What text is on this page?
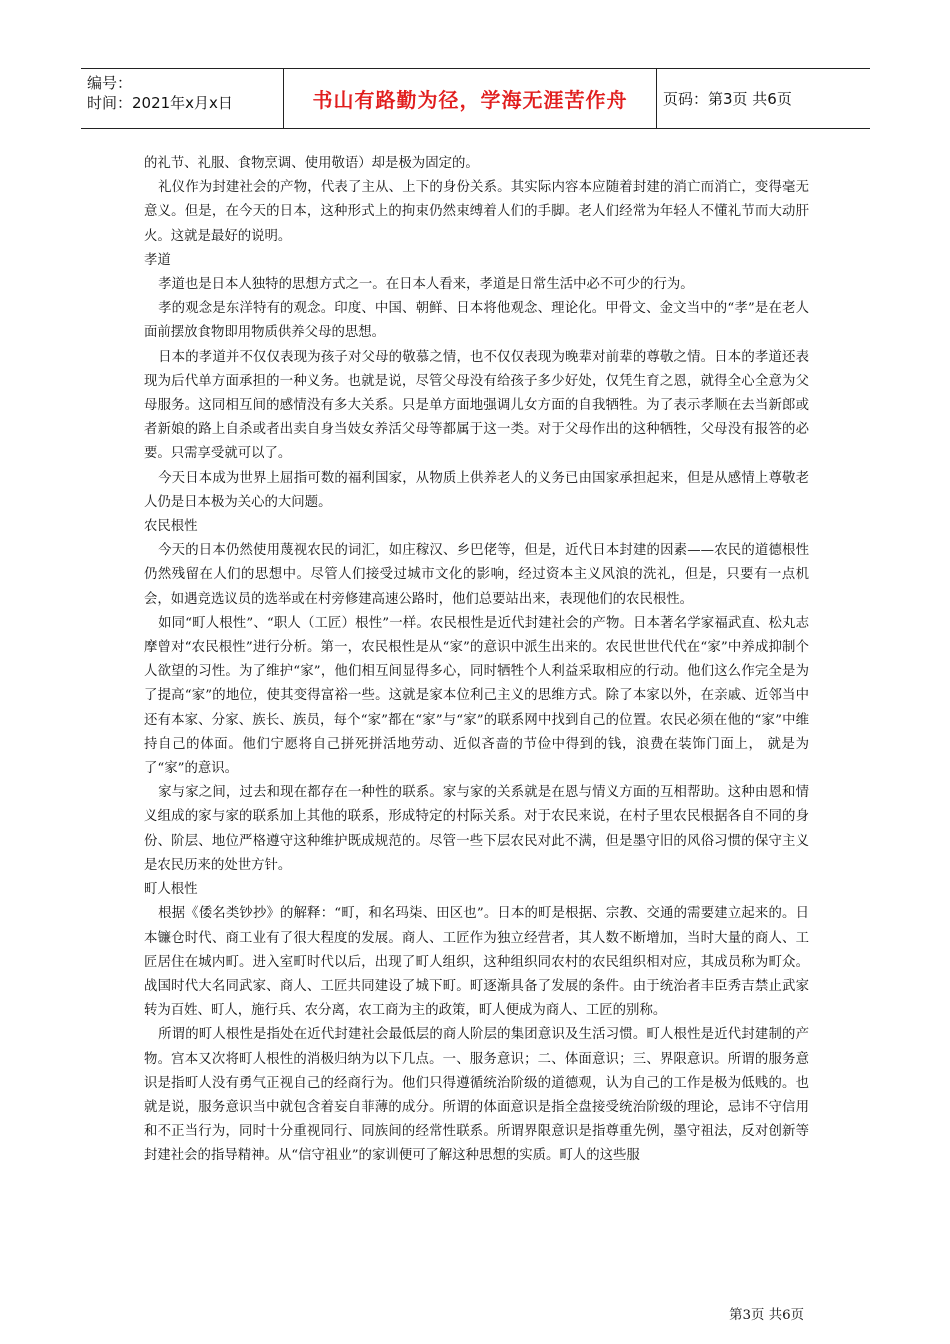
编号：
时间：2021年x月x日	书山有路勤为径，学海无涯苦作舟	页码：第3页 共6页

的礼节、礼服、食物烹调、使用敬语）却是极为固定的。

礼仪作为封建社会的产物，代表了主从、上下的身份关系。其实际内容本应随着封建的消亡而消亡，变得毫无意义。但是，在今天的日本，这种形式上的拘束仍然束缚着人们的手脚。老人们经常为年轻人不懂礼节而大动肝火。这就是最好的说明。

孝道

孝道也是日本人独特的思想方式之一。在日本人看来，孝道是日常生活中必不可少的行为。

孝的观念是东洋特有的观念。印度、中国、朝鲜、日本将他观念、理论化。甲骨文、金文当中的“孝”是在老人面前摆放食物即用物质供养父母的思想。

日本的孝道并不仅仅表现为孩子对父母的敬慕之情，也不仅仅表现为晚辈对前辈的尊敬之情。日本的孝道还表现为后代单方面承担的一种义务。也就是说，尽管父母没有给孩子多少好处，仅凭生育之恩，就得全心全意为父母服务。这同相互间的感情没有多大关系。只是单方面地强调儿女方面的自我牺牲。为了表示孝顺在去当新郎或者新娘的路上自杀或者出卖自身当妓女养活父母等都属于这一类。对于父母作出的这种牺牲，父母没有报答的必要。只需享受就可以了。

今天日本成为世界上屈指可数的福利国家，从物质上供养老人的义务已由国家承担起来，但是从感情上尊敬老人仍是日本极为关心的大问题。

农民根性

今天的日本仍然使用蔑视农民的词汇，如庄稼汉、乡巴佬等，但是，近代日本封建的因素——农民的道德根性仍然残留在人们的思想中。尽管人们接受过城市文化的影响，经过资本主义风浪的洗礼，但是，只要有一点机会，如遇竞选议员的选举或在村旁修建高速公路时，他们总要站出来，表现他们的农民根性。

如同“町人根性”、“职人（工匠）根性”一样。农民根性是近代封建社会的产物。日本著名学家福武直、松丸志摩曾对“农民根性”进行分析。第一，农民根性是从“家”的意识中派生出来的。农民世世代代在“家”中养成抑制个人欲望的习性。为了维护“家”，他们相互间显得多心，同时牺牲个人利益采取相应的行动。他们这么作完全是为了提高“家”的地位，使其变得富裕一些。这就是家本位利己主义的思维方式。除了本家以外，在亲戚、近邻当中还有本家、分家、族长、族员，每个“家”都在“家”与“家”的联系网中找到自己的位置。农民必须在他的“家”中维持自己的体面。他们宁愿将自己拼死拼活地劳动、近似吝啬的节俭中得到的钱，浪费在装饰门面上， 就是为了“家”的意识。

家与家之间，过去和现在都存在一种性的联系。家与家的关系就是在恩与情义方面的互相帮助。这种由恩和情义组成的家与家的联系加上其他的联系，形成特定的村际关系。对于农民来说，在村子里农民根据各自不同的身份、阶层、地位严格遵守这种维护既成规范的。尽管一些下层农民对此不满，但是墨守旧的风俗习惯的保守主义是农民历来的处世方针。

町人根性

根据《倭名类钞抄》的解释：“町，和名玛柒、田区也”。日本的町是根据、宗教、交通的需要建立起来的。日本镰仓时代、商工业有了很大程度的发展。商人、工匠作为独立经营者，其人数不断增加，当时大量的商人、工匠居住在城内町。进入室町时代以后，出现了町人组织，这种组织同农村的农民组织相对应，其成员称为町众。战国时代大名同武家、商人、工匠共同建设了城下町。町逐渐具备了发展的条件。由于统治者丰臣秀吉禁止武家转为百姓、町人，施行兵、农分离，农工商为主的政策，町人便成为商人、工匠的别称。

所谓的町人根性是指处在近代封建社会最低层的商人阶层的集团意识及生活习惯。町人根性是近代封建制的产物。宫本又次将町人根性的消极归纳为以下几点。一、服务意识；二、体面意识；三、界限意识。所谓的服务意识是指町人没有勇气正视自己的经商行为。他们只得遵循统治阶级的道德观，认为自己的工作是极为低贱的。也就是说，服务意识当中就包含着妄自菲薄的成分。所谓的体面意识是指全盘接受统治阶级的理论，忌讳不守信用和不正当行为，同时十分重视同行、同族间的经常性联系。所谓界限意识是指尊重先例，墨守祖法，反对创新等封建社会的指导精神。从“信守祖业”的家训便可了解这种思想的实质。町人的这些服

第3页 共6页
